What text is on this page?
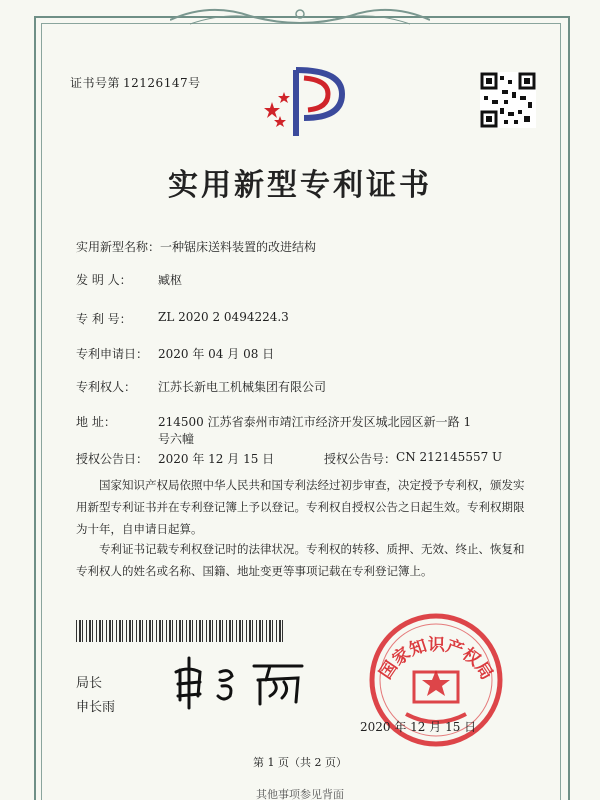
证书号第 12126147号
实用新型专利证书
实用新型名称： 一种锯床送料装置的改进结构
发 明 人：	臧枢
专 利 号：	ZL 2020 2 0494224.3
专利申请日： 2020 年 04 月 08 日
专利权人：	江苏长新电工机械集团有限公司
地 址：	214500 江苏省泰州市靖江市经济开发区城北园区新一路 1
号六幢
授权公告日： 2020 年 12 月 15 日	授权公告号： CN 212145557 U
国家知识产权局依照中华人民共和国专利法经过初步审查，决定授予专利权，颁发实用新型专利证书并在专利登记簿上予以登记。专利权自授权公告之日起生效。专利权期限为十年，自申请日起算。
专利证书记载专利权登记时的法律状况。专利权的转移、质押、无效、终止、恢复和专利权人的姓名或名称、国籍、地址变更等事项记载在专利登记簿上。
局长
申长雨
国家知识产权局
2020 年 12 月 15 日
第 1 页（共 2 页）
其他事项参见背面
